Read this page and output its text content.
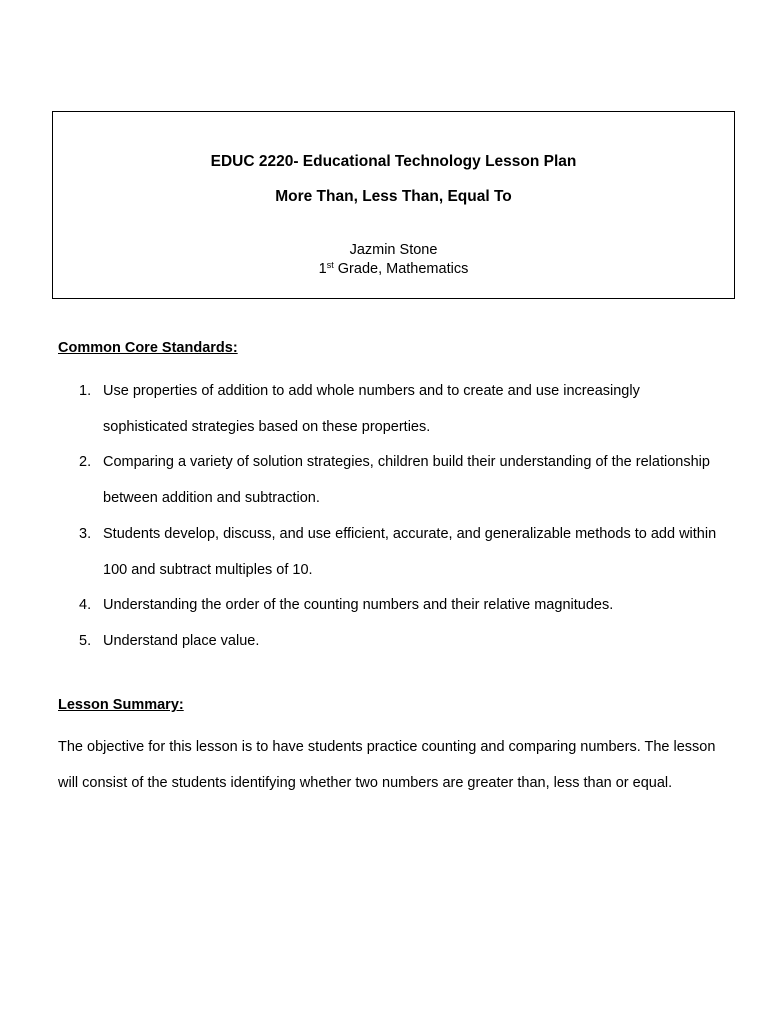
EDUC 2220- Educational Technology Lesson Plan
More Than, Less Than, Equal To
Jazmin Stone
1st Grade, Mathematics
Common Core Standards:
1. Use properties of addition to add whole numbers and to create and use increasingly sophisticated strategies based on these properties.
2. Comparing a variety of solution strategies, children build their understanding of the relationship between addition and subtraction.
3. Students develop, discuss, and use efficient, accurate, and generalizable methods to add within 100 and subtract multiples of 10.
4. Understanding the order of the counting numbers and their relative magnitudes.
5. Understand place value.
Lesson Summary:

The objective for this lesson is to have students practice counting and comparing numbers. The lesson will consist of the students identifying whether two numbers are greater than, less than or equal.
